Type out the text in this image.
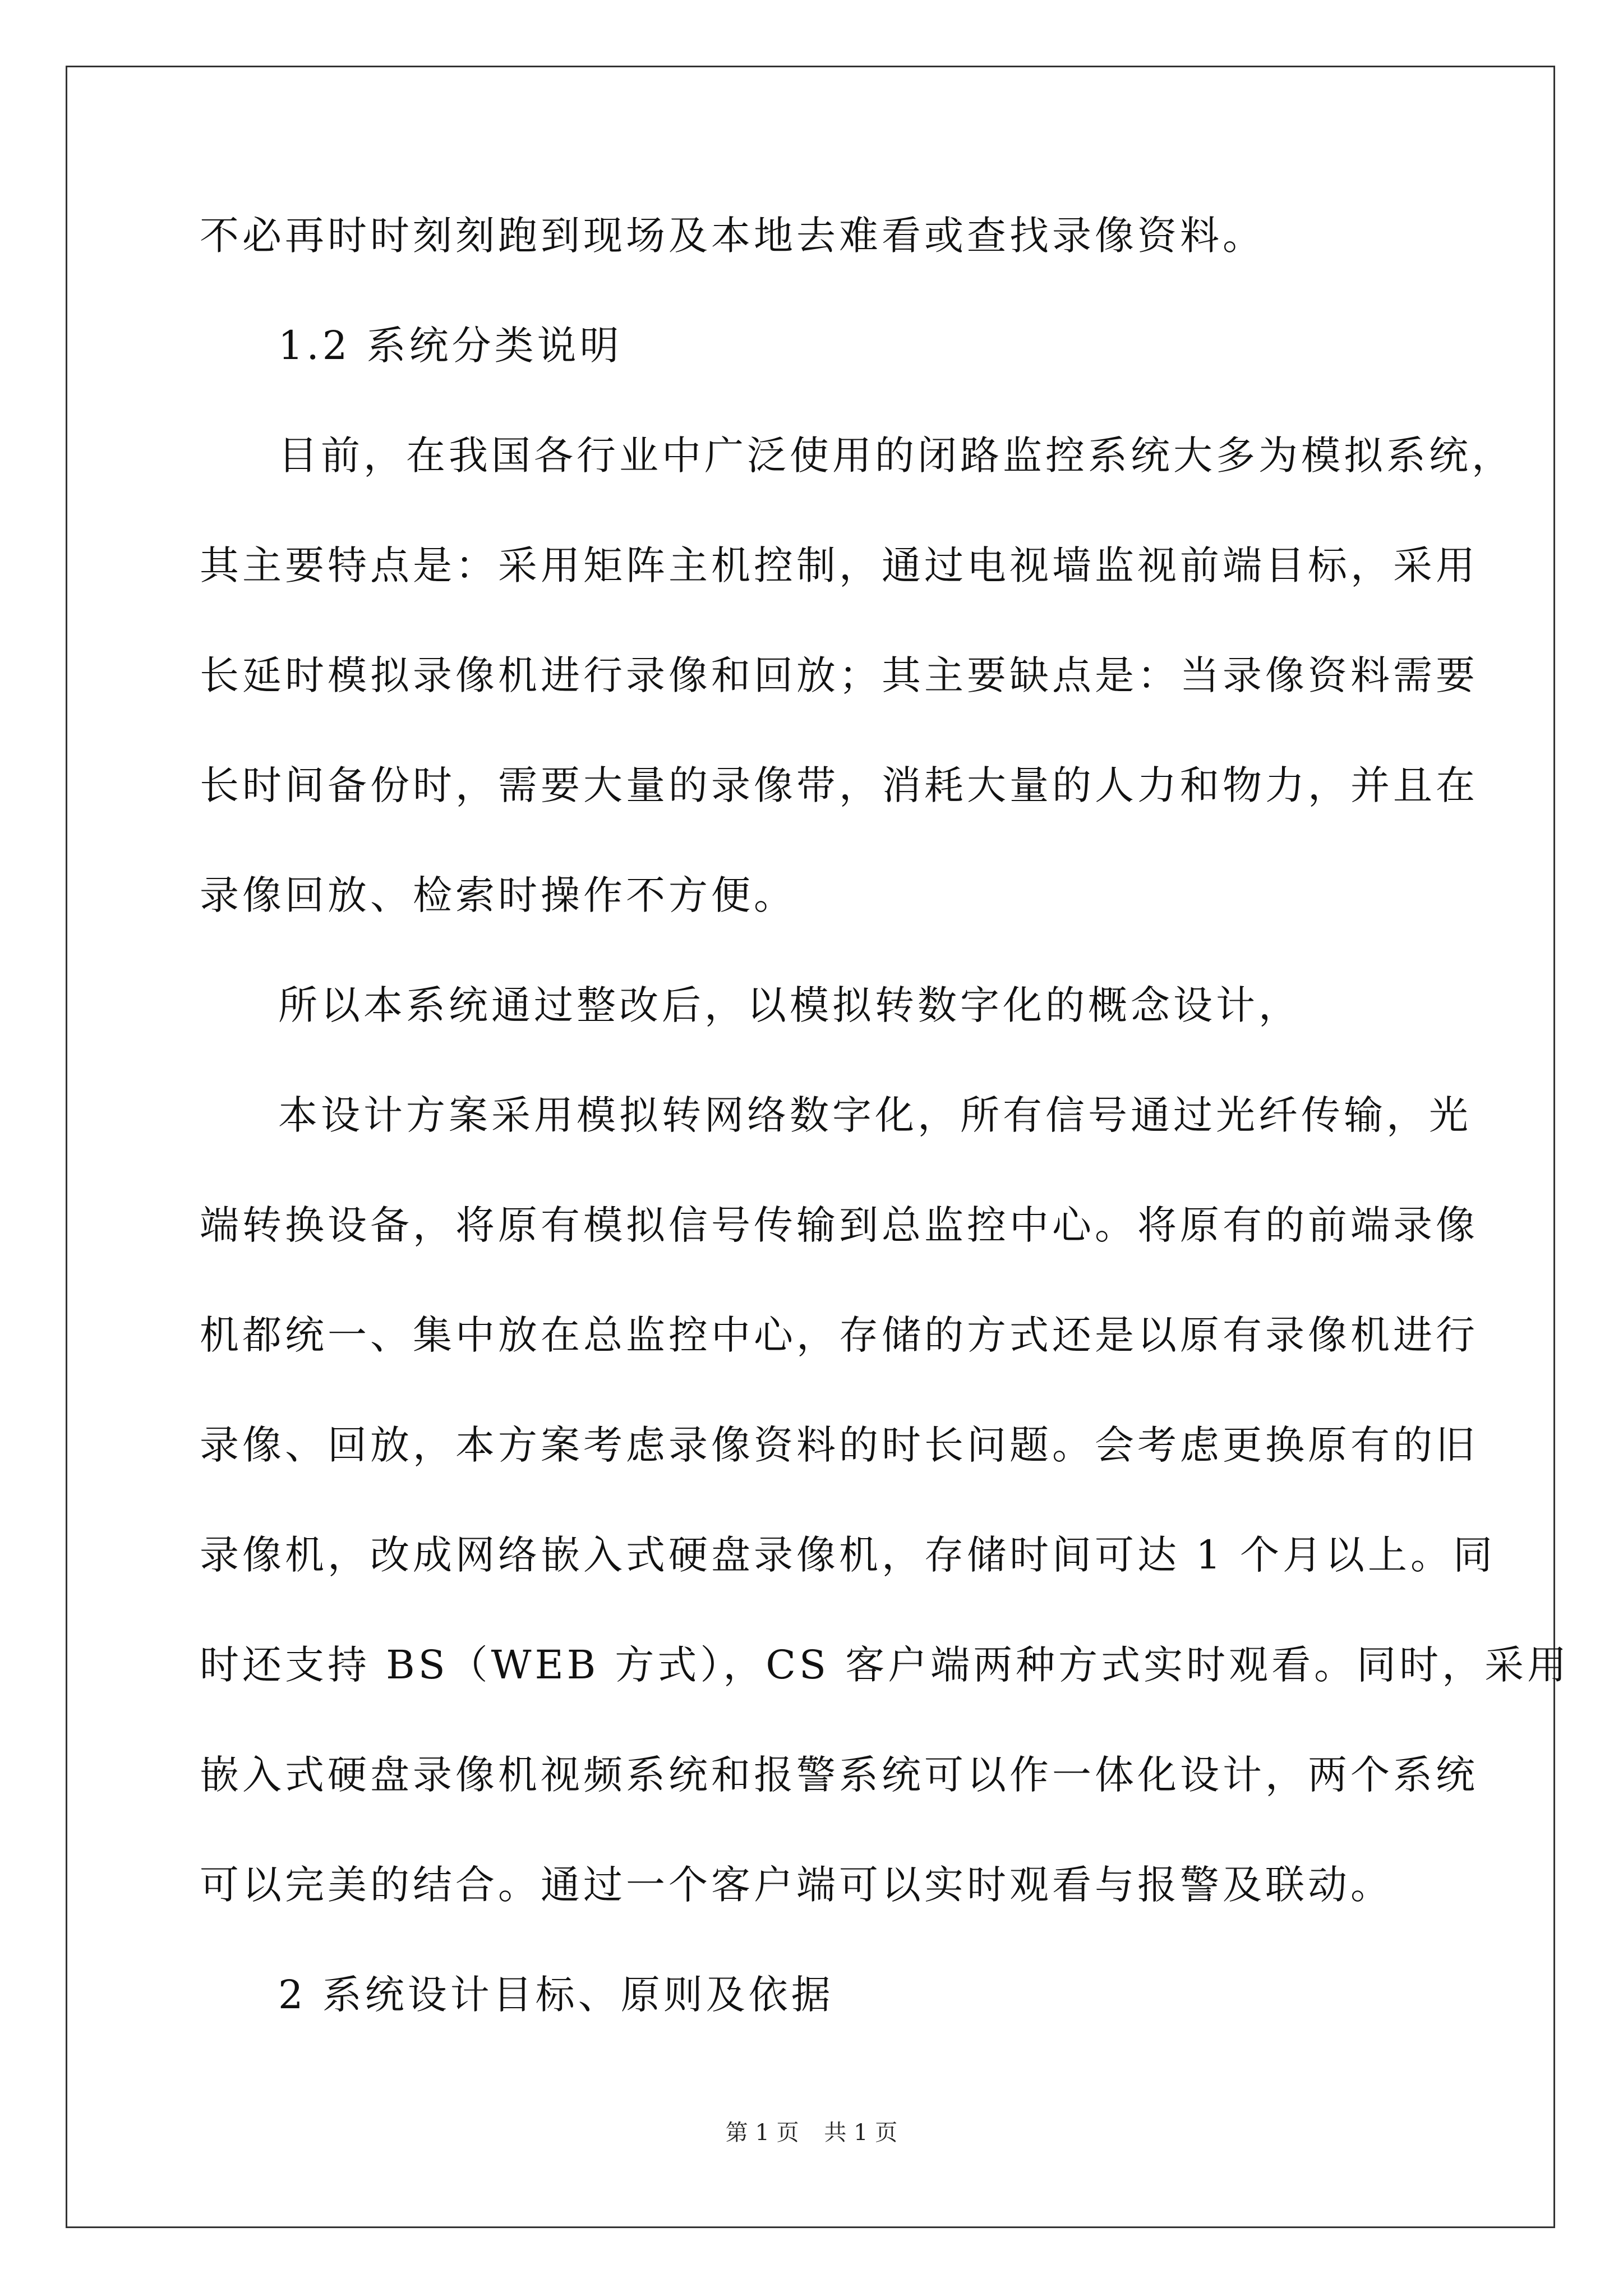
不必再时时刻刻跑到现场及本地去难看或查找录像资料。
1.2 系统分类说明
目前，在我国各行业中广泛使用的闭路监控系统大多为模拟系统，
其主要特点是：采用矩阵主机控制，通过电视墙监视前端目标，采用
长延时模拟录像机进行录像和回放；其主要缺点是：当录像资料需要
长时间备份时，需要大量的录像带，消耗大量的人力和物力，并且在
录像回放、检索时操作不方便。
所以本系统通过整改后，以模拟转数字化的概念设计，
本设计方案采用模拟转网络数字化，所有信号通过光纤传输，光
端转换设备，将原有模拟信号传输到总监控中心。将原有的前端录像
机都统一、集中放在总监控中心，存储的方式还是以原有录像机进行
录像、回放，本方案考虑录像资料的时长问题。会考虑更换原有的旧
录像机，改成网络嵌入式硬盘录像机，存储时间可达 1 个月以上。同
时还支持 BS（WEB 方式），CS 客户端两种方式实时观看。同时，采用
嵌入式硬盘录像机视频系统和报警系统可以作一体化设计，两个系统
可以完美的结合。通过一个客户端可以实时观看与报警及联动。
2 系统设计目标、原则及依据
第 1 页 共 1 页
